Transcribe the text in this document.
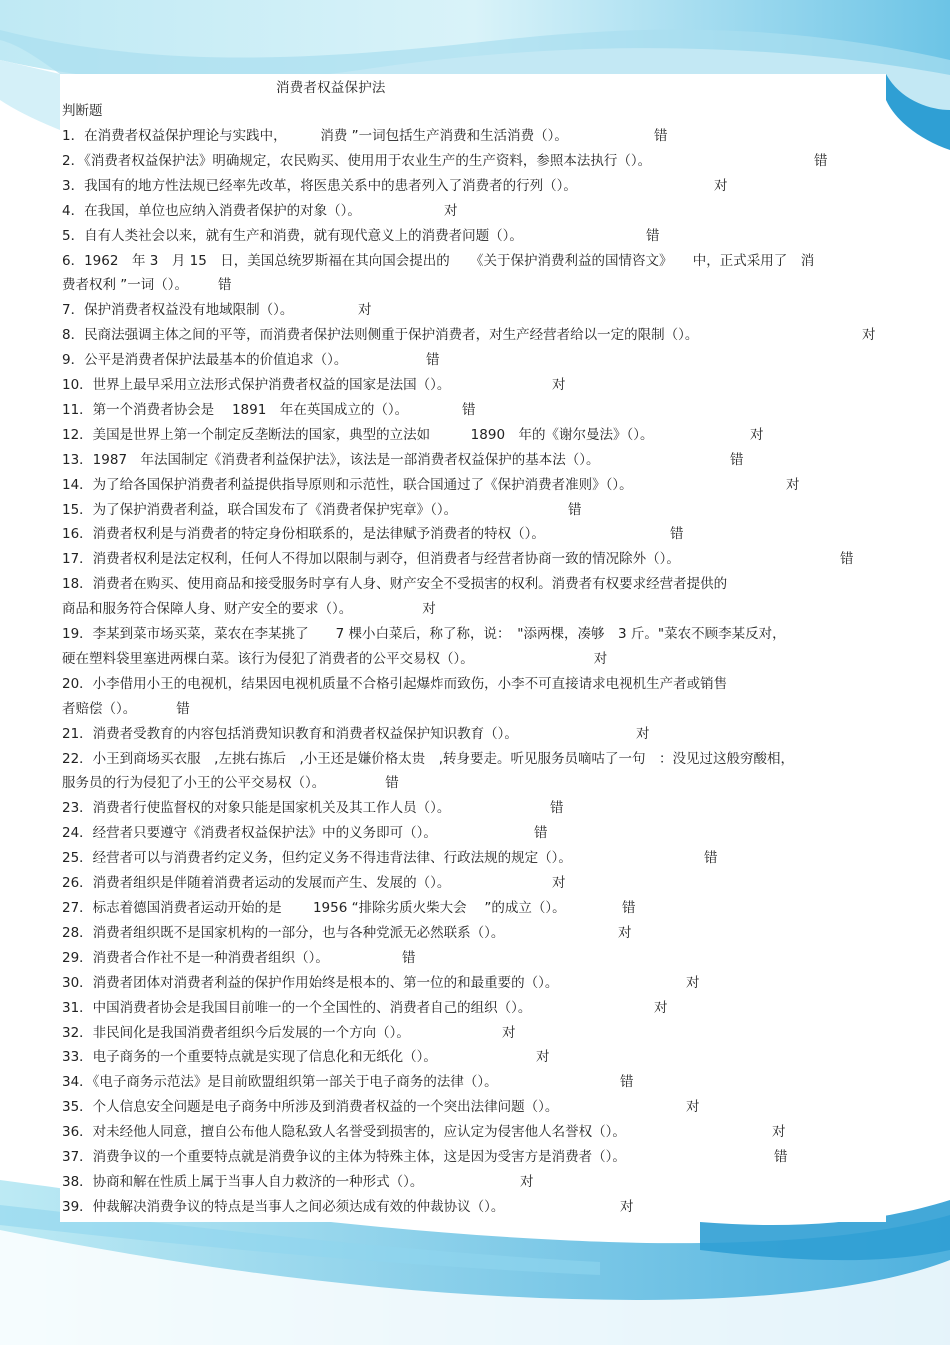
消费者权益保护法
判断题
1．在消费者权益保护理论与实践中，　　　消费 ”一词包括生产消费和生活消费（）。	错
2．《消费者权益保护法》明确规定，农民购买、使用用于农业生产的生产资料，参照本法执行（）。	错
3．我国有的地方性法规已经率先改革，将医患关系中的患者列入了消费者的行列（）。	对
4．在我国，单位也应纳入消费者保护的对象（）。	对
5．自有人类社会以来，就有生产和消费，就有现代意义上的消费者问题（）。	错
6．1962　年 3　月 15　日，美国总统罗斯福在其向国会提出的　　《关于保护消费利益的国情咨文》　　中，正式采用了　消
费者权利 ”一词（）。 错
7．保护消费者权益没有地域限制（）。	对
8．民商法强调主体之间的平等，而消费者保护法则侧重于保护消费者，对生产经营者给以一定的限制（）。	对
9．公平是消费者保护法最基本的价值追求（）。	错
10．世界上最早采用立法形式保护消费者权益的国家是法国（）。	对
11．第一个消费者协会是　 1891　年在英国成立的（）。	错
12．美国是世界上第一个制定反垄断法的国家，典型的立法如　　　1890　年的《谢尔曼法》（）。	对
13．1987　年法国制定《消费者利益保护法》，该法是一部消费者权益保护的基本法（）。	错
14．为了给各国保护消费者利益提供指导原则和示范性，联合国通过了《保护消费者准则》（）。	对
15．为了保护消费者利益，联合国发布了《消费者保护宪章》（）。	错
16．消费者权利是与消费者的特定身份相联系的，是法律赋予消费者的特权（）。	错
17．消费者权利是法定权利，任何人不得加以限制与剥夺，但消费者与经营者协商一致的情况除外（）。	错
18．消费者在购买、使用商品和接受服务时享有人身、财产安全不受损害的权利。消费者有权要求经营者提供的
商品和服务符合保障人身、财产安全的要求（）。	对
19．李某到菜市场买菜，菜农在李某挑了　　7 棵小白菜后，称了称，说：　"添两棵，凑够　3 斤。"菜农不顾李某反对，
硬在塑料袋里塞进两棵白菜。该行为侵犯了消费者的公平交易权（）。	对
20．小李借用小王的电视机，结果因电视机质量不合格引起爆炸而致伤，小李不可直接请求电视机生产者或销售
者赔偿（）。	错
21．消费者受教育的内容包括消费知识教育和消费者权益保护知识教育（）。	对
22．小王到商场买衣服　,左挑右拣后　,小王还是嫌价格太贵　,转身要走。听见服务员嘀咕了一句　：没见过这般穷酸相，
服务员的行为侵犯了小王的公平交易权（）。	错
23．消费者行使监督权的对象只能是国家机关及其工作人员（）。	错
24．经营者只要遵守《消费者权益保护法》中的义务即可（）。	错
25．经营者可以与消费者约定义务，但约定义务不得违背法律、行政法规的规定（）。	错
26．消费者组织是伴随着消费者运动的发展而产生、发展的（）。	对
27．标志着德国消费者运动开始的是　　 1956 “排除劣质火柴大会　 ”的成立（）。	错
28．消费者组织既不是国家机构的一部分，也与各种党派无必然联系（）。	对
29．消费者合作社不是一种消费者组织（）。	错
30．消费者团体对消费者利益的保护作用始终是根本的、第一位的和最重要的（）。	对
31．中国消费者协会是我国目前唯一的一个全国性的、消费者自己的组织（）。	对
32．非民间化是我国消费者组织今后发展的一个方向（）。	对
33．电子商务的一个重要特点就是实现了信息化和无纸化（）。	对
34．《电子商务示范法》是目前欧盟组织第一部关于电子商务的法律（）。	错
35．个人信息安全问题是电子商务中所涉及到消费者权益的一个突出法律问题（）。	对
36．对未经他人同意，擅自公布他人隐私致人名誉受到损害的，应认定为侵害他人名誉权（）。	对
37．消费争议的一个重要特点就是消费争议的主体为特殊主体，这是因为受害方是消费者（）。	错
38．协商和解在性质上属于当事人自力救济的一种形式（）。	对
39．仲裁解决消费争议的特点是当事人之间必须达成有效的仲裁协议（）。	对
